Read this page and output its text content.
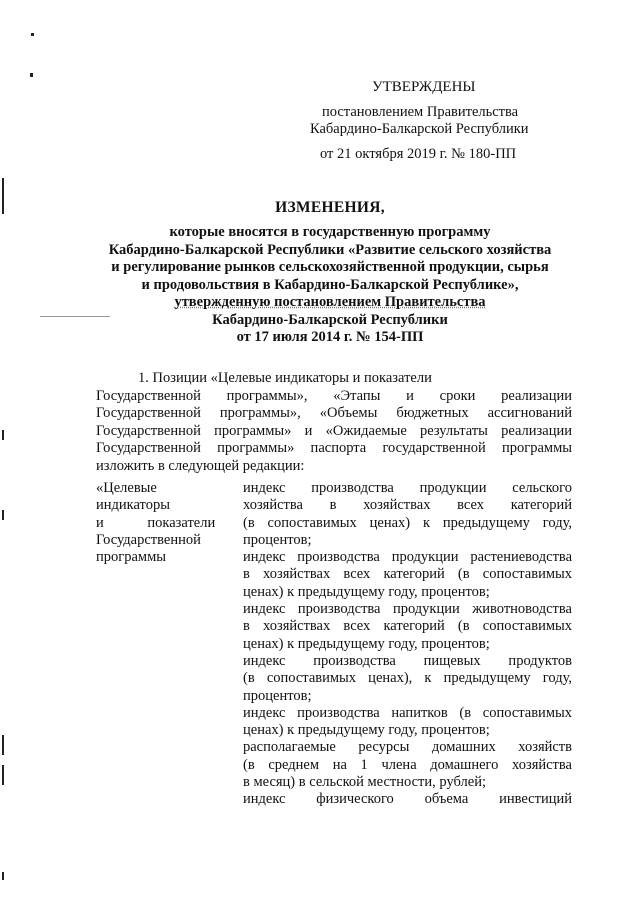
УТВЕРЖДЕНЫ
постановлением Правительства
Кабардино-Балкарской Республики
от 21 октября 2019 г. № 180-ПП
ИЗМЕНЕНИЯ,
которые вносятся в государственную программу
Кабардино-Балкарской Республики «Развитие сельского хозяйства
и регулирование рынков сельскохозяйственной продукции, сырья
и продовольствия в Кабардино-Балкарской Республике»,
утвержденную постановлением Правительства
Кабардино-Балкарской Республики
от 17 июля 2014 г. № 154-ПП
1. Позиции «Целевые индикаторы и показатели
Государственной программы», «Этапы и сроки реализации
Государственной программы», «Объемы бюджетных ассигнований
Государственной программы» и «Ожидаемые результаты реализации
Государственной программы» паспорта государственной программы
изложить в следующей редакции:
«Целевые
индикаторы
и показатели
Государственной
программы
индекс производства продукции сельского
хозяйства в хозяйствах всех категорий
(в сопоставимых ценах) к предыдущему году,
процентов;
индекс производства продукции растениеводства
в хозяйствах всех категорий (в сопоставимых
ценах) к предыдущему году, процентов;
индекс производства продукции животноводства
в хозяйствах всех категорий (в сопоставимых
ценах) к предыдущему году, процентов;
индекс производства пищевых продуктов
(в сопоставимых ценах), к предыдущему году,
процентов;
индекс производства напитков (в сопоставимых
ценах) к предыдущему году, процентов;
располагаемые ресурсы домашних хозяйств
(в среднем на 1 члена домашнего хозяйства
в месяц) в сельской местности, рублей;
индекс физического объема инвестиций
